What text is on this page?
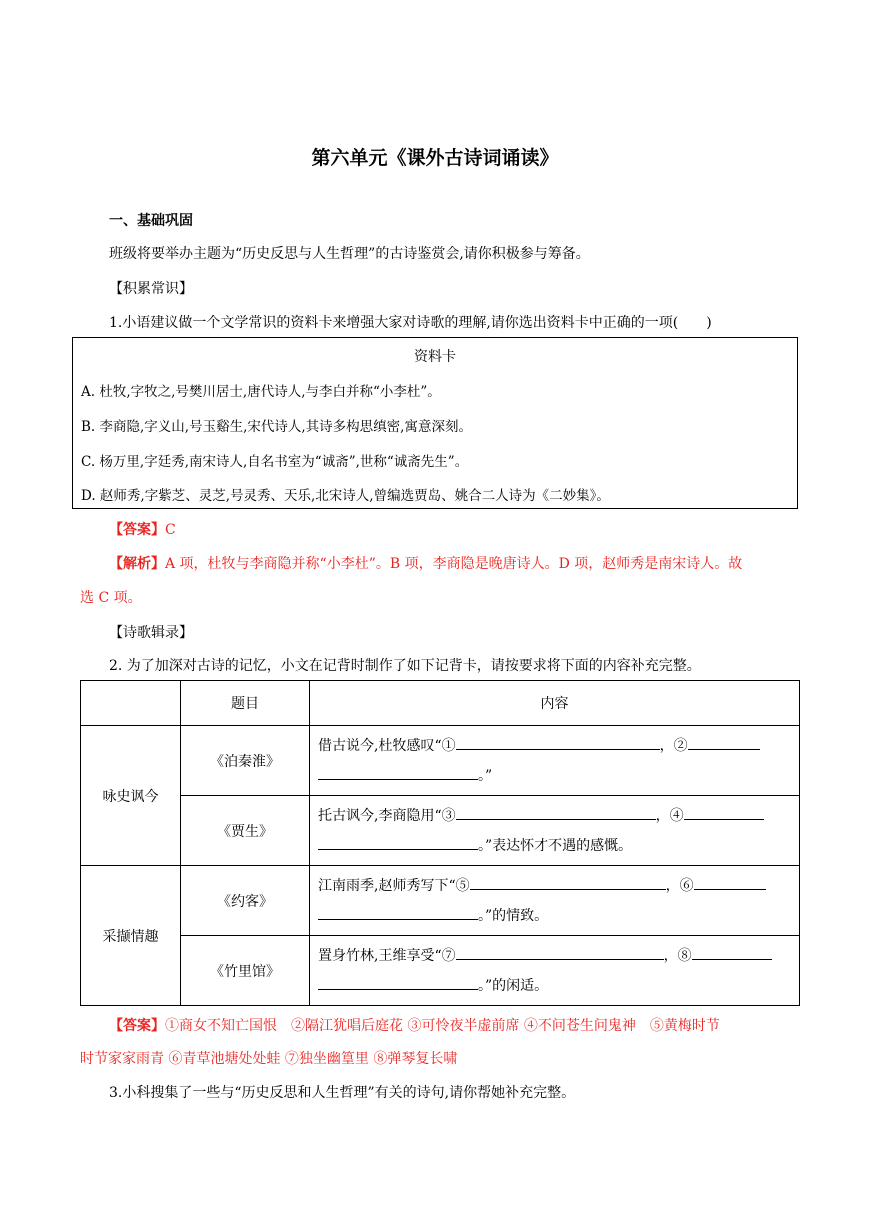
第六单元《课外古诗词诵读》
一、基础巩固
班级将要举办主题为“历史反思与人生哲理”的古诗鉴赏会,请你积极参与筹备。
【积累常识】
1.小语建议做一个文学常识的资料卡来增强大家对诗歌的理解,请你选出资料卡中正确的一项(　　)
资料卡
A. 杜牧,字牧之,号樊川居士,唐代诗人,与李白并称“小李杜”。
B. 李商隐,字义山,号玉谿生,宋代诗人,其诗多构思缜密,寓意深刻。
C. 杨万里,字廷秀,南宋诗人,自名书室为“诚斋”,世称“诚斋先生”。
D. 赵师秀,字紫芝、灵芝,号灵秀、天乐,北宋诗人,曾编选贾岛、姚合二人诗为《二妙集》。
【答案】C
【解析】A 项，杜牧与李商隐并称“小李杜”。B 项，李商隐是晚唐诗人。D 项，赵师秀是南宋诗人。故
选 C 项。
【诗歌辑录】
2. 为了加深对古诗的记忆，小文在记背时制作了如下记背卡，请按要求将下面的内容补充完整。
	题目	内容
咏史讽今	《泊秦淮》	借古说今,杜牧感叹“① ，②
。”

	《贾生》	托古讽今,李商隐用“③ ，④
。”表达怀才不遇的感慨。

采撷情趣	《约客》	江南雨季,赵师秀写下“⑤ ，⑥
。”的情致。

	《竹里馆》	置身竹林,王维享受“⑦ ，⑧
。”的闲适。
【答案】①商女不知亡国恨　②隔江犹唱后庭花 ③可怜夜半虚前席 ④不问苍生问鬼神　⑤黄梅时节
时节家家雨青 ⑥青草池塘处处蛙 ⑦独坐幽篁里 ⑧弹琴复长啸
3.小科搜集了一些与“历史反思和人生哲理”有关的诗句,请你帮她补充完整。
